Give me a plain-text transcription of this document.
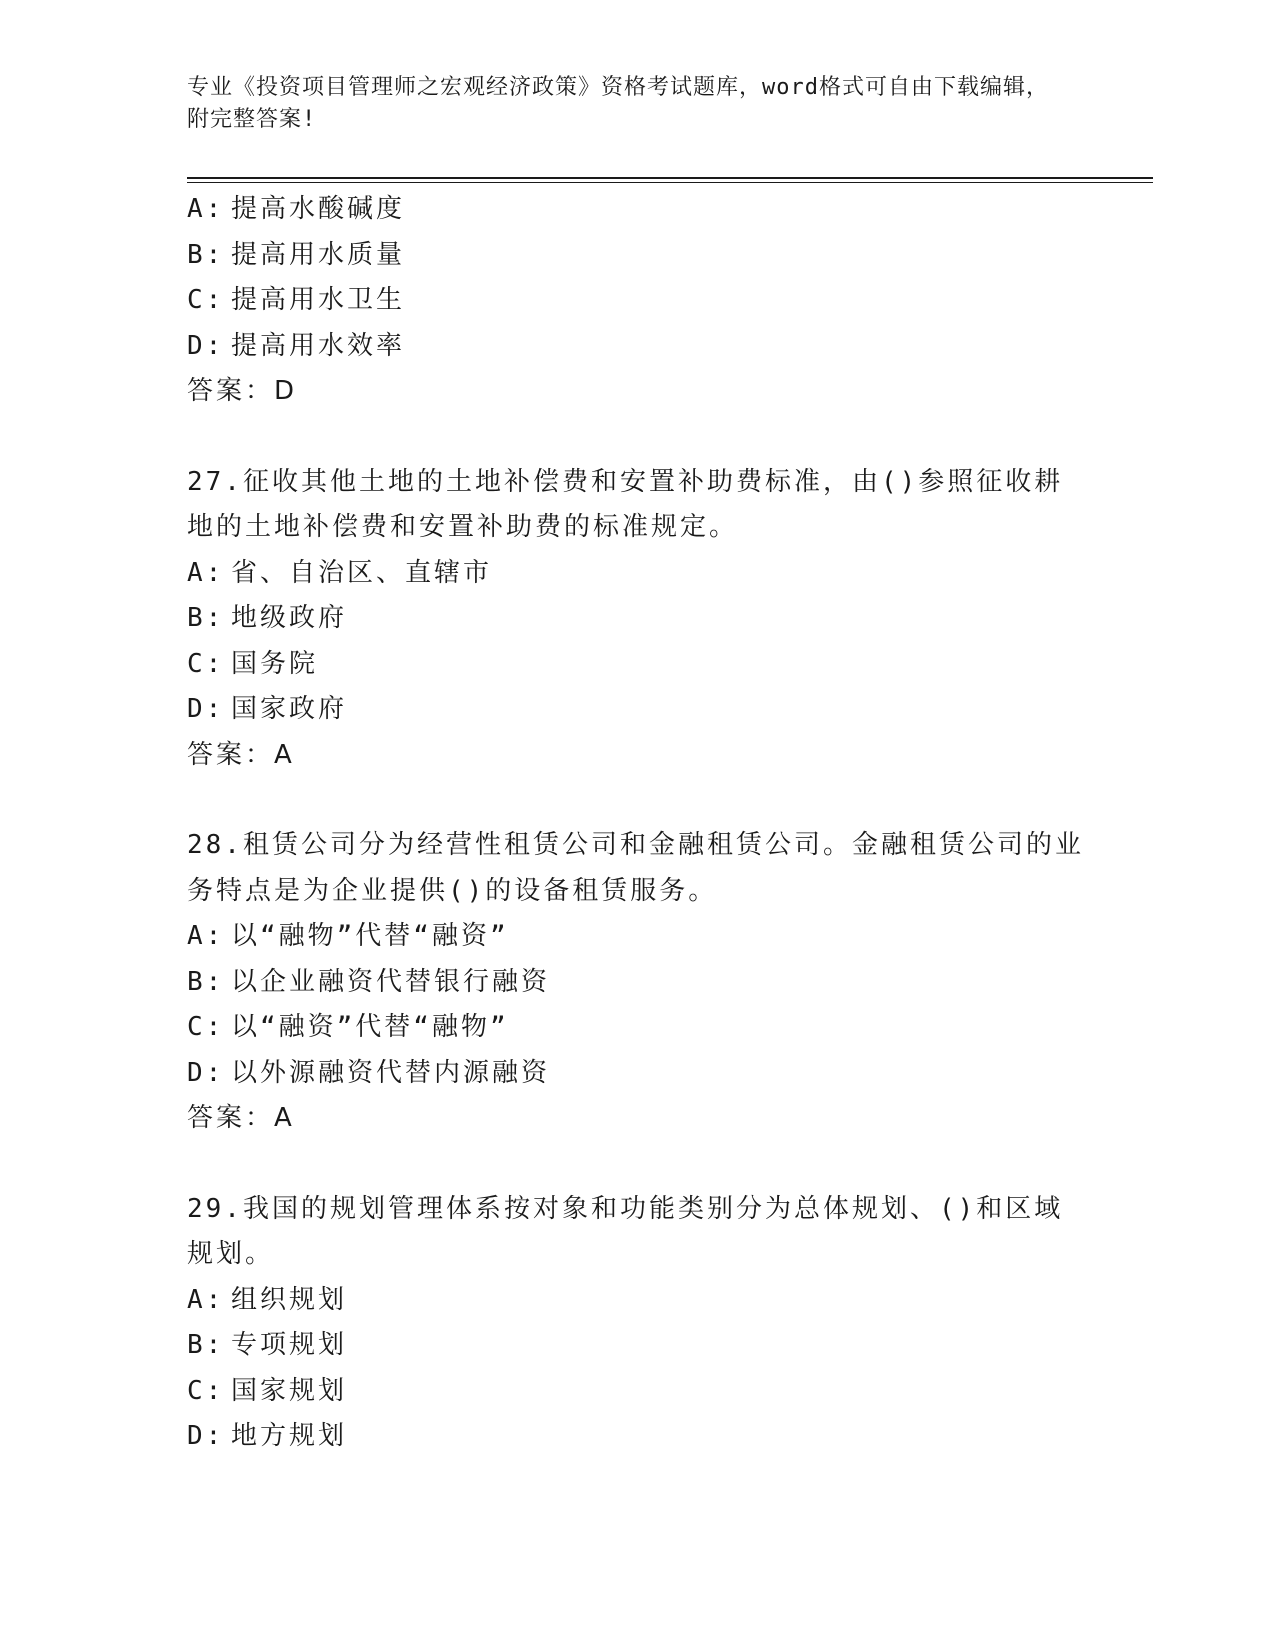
专业《投资项目管理师之宏观经济政策》资格考试题库，word格式可自由下载编辑，附完整答案!
A: 提高水酸碱度
B: 提高用水质量
C: 提高用水卫生
D: 提高用水效率
答案：D
27.征收其他土地的土地补偿费和安置补助费标准，由()参照征收耕地的土地补偿费和安置补助费的标准规定。
A: 省、自治区、直辖市
B: 地级政府
C: 国务院
D: 国家政府
答案：A
28.租赁公司分为经营性租赁公司和金融租赁公司。金融租赁公司的业务特点是为企业提供()的设备租赁服务。
A: 以“融物”代替“融资”
B: 以企业融资代替银行融资
C: 以“融资”代替“融物”
D: 以外源融资代替内源融资
答案：A
29.我国的规划管理体系按对象和功能类别分为总体规划、()和区域规划。
A: 组织规划
B: 专项规划
C: 国家规划
D: 地方规划
